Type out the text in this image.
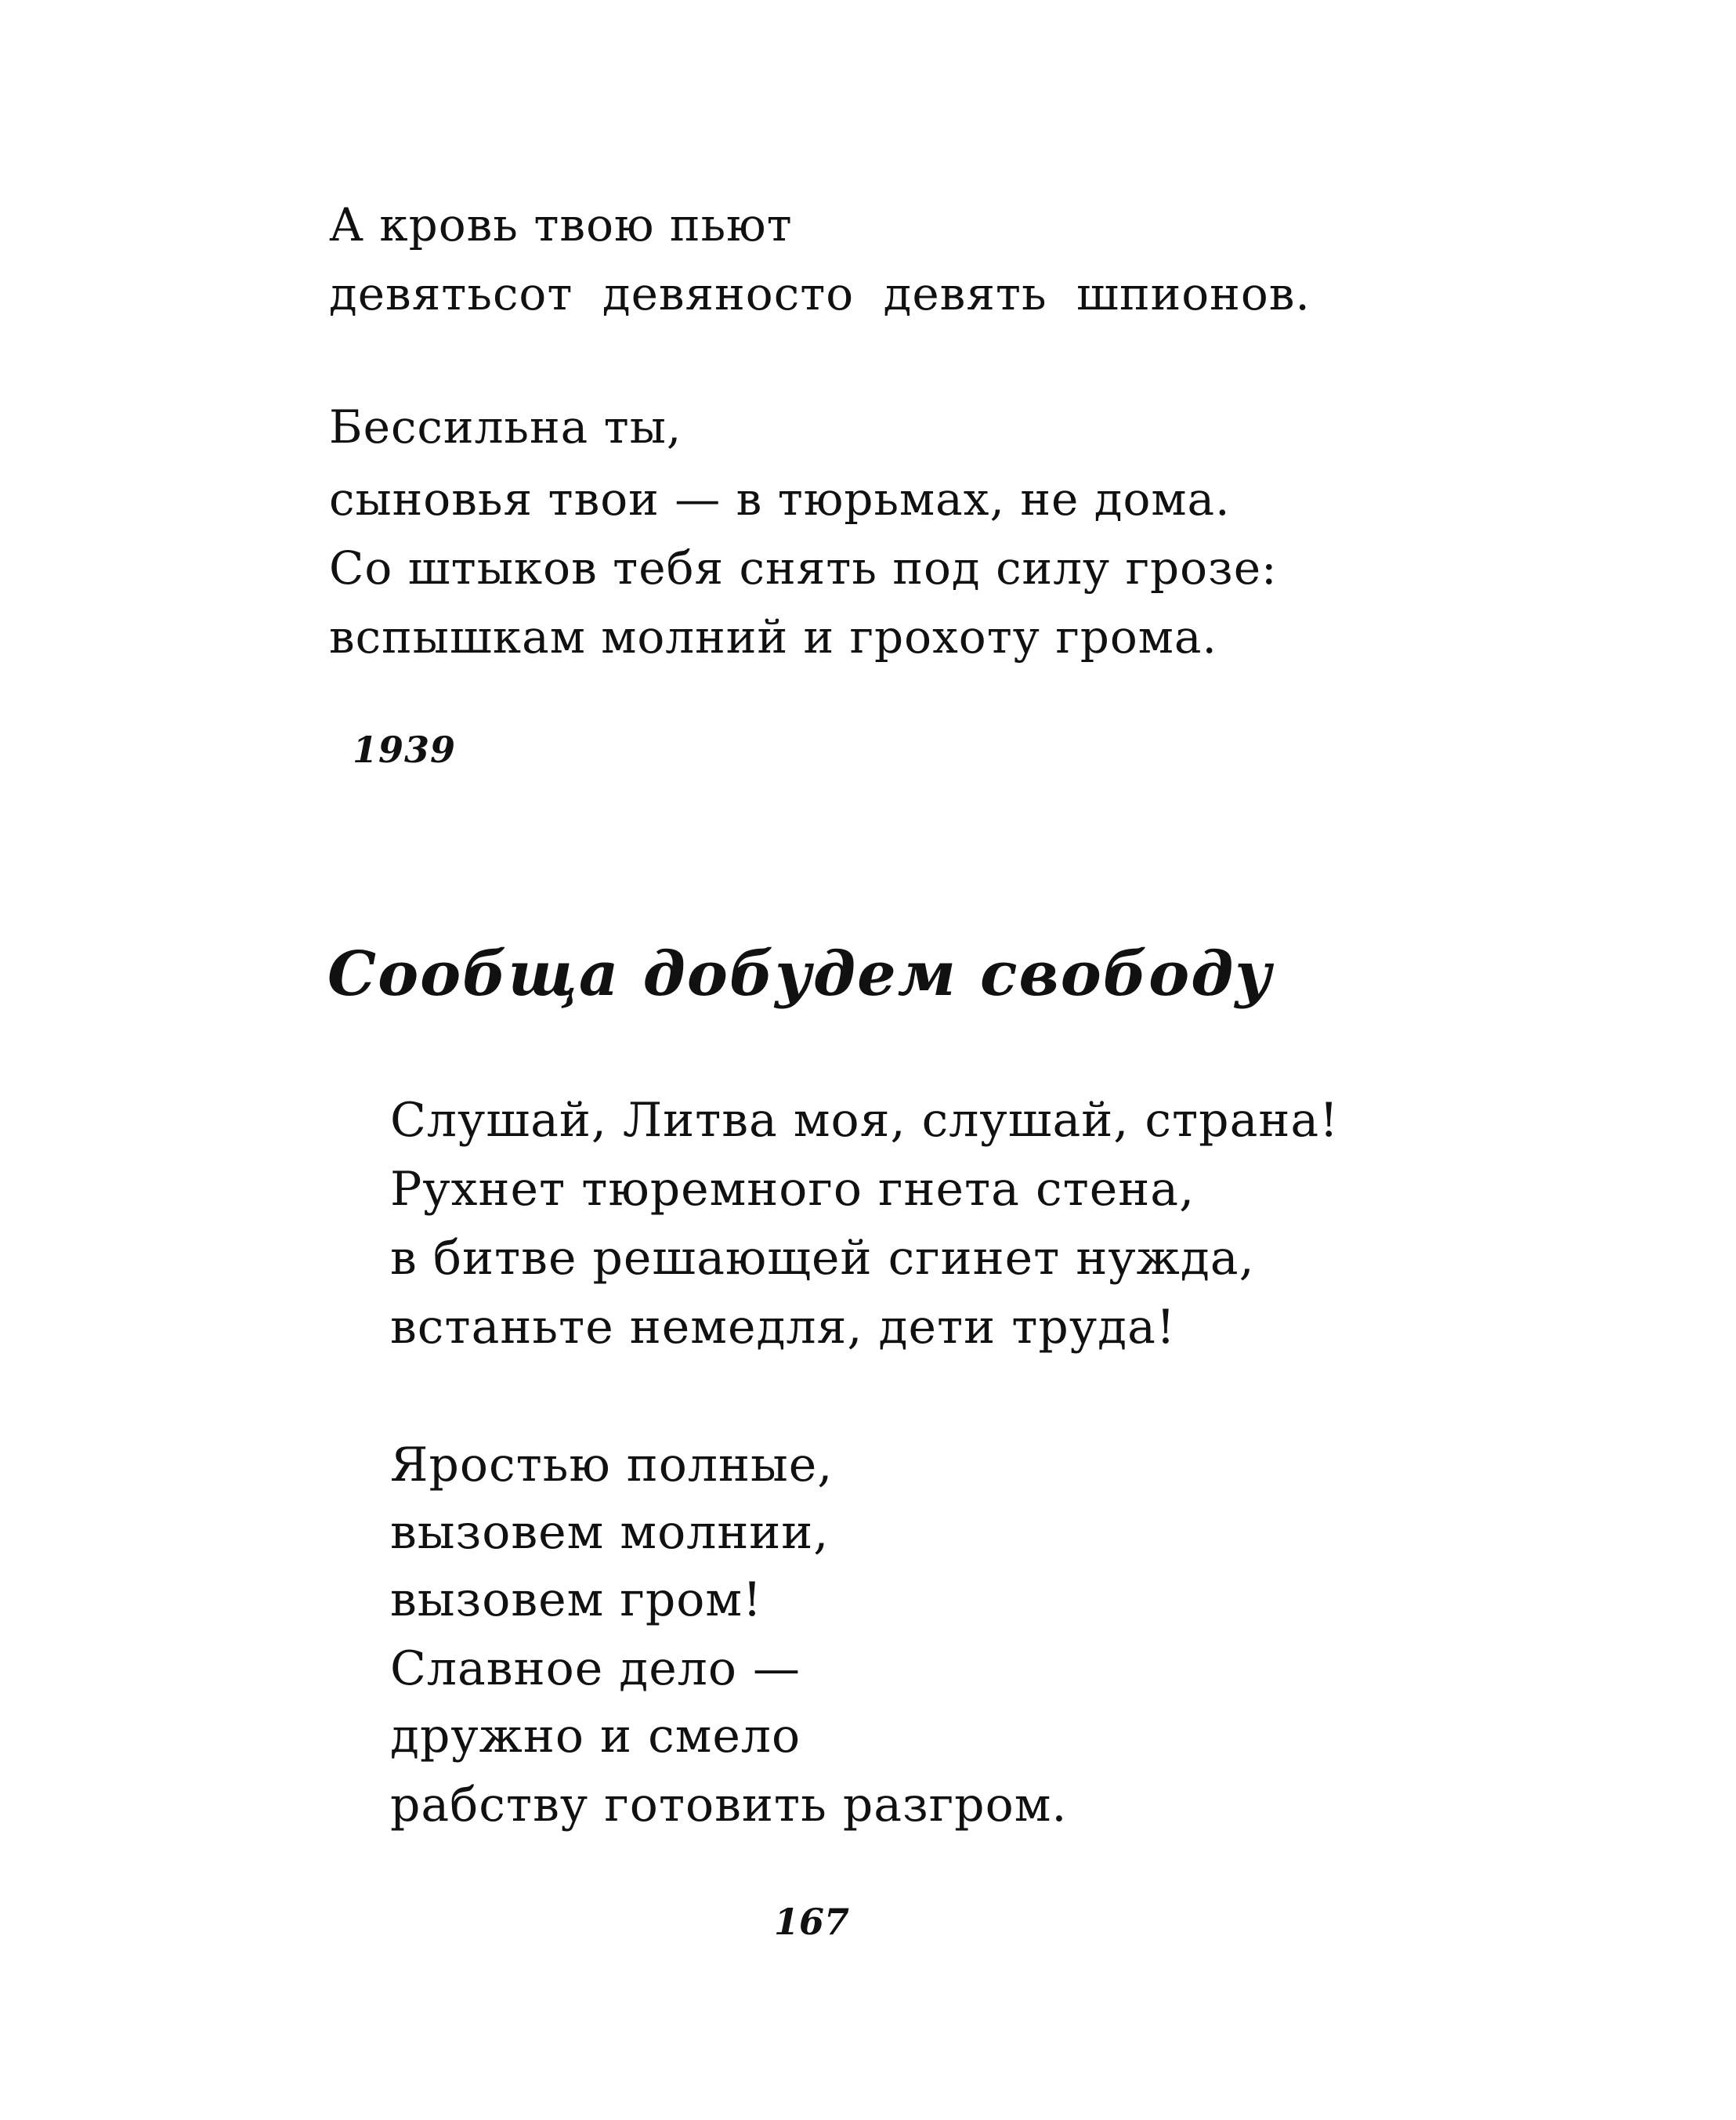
А кровь твою пьют
девятьсот девяносто девять шпионов.
Бессильна ты,
сыновья твои — в тюрьмах, не дома.
Со штыков тебя снять под силу грозе:
вспышкам молний и грохоту грома.
1939
Сообща добудем свободу
Слушай, Литва моя, слушай, страна!
Рухнет тюремного гнета стена,
в битве решающей сгинет нужда,
встаньте немедля, дети труда!
Яростью полные,
вызовем молнии,
вызовем гром!
Славное дело —
дружно и смело
рабству готовить разгром.
167
